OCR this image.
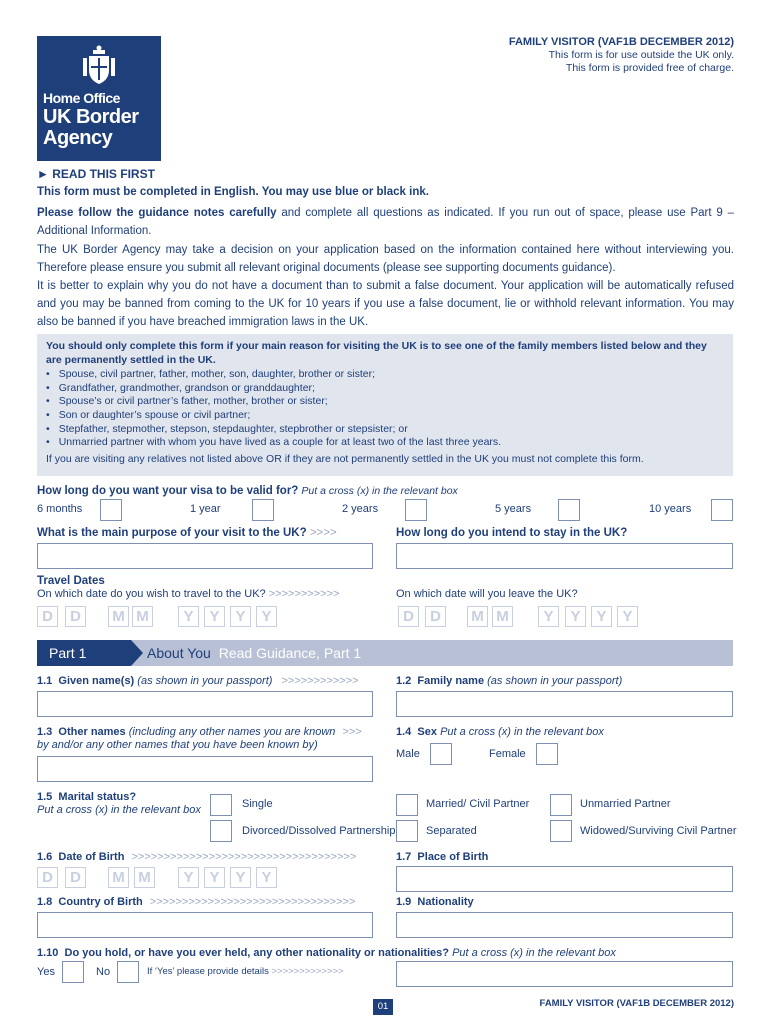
FAMILY VISITOR (VAF1B DECEMBER 2012)
This form is for use outside the UK only.
This form is provided free of charge.
Home Office
UK Border
Agency
► READ THIS FIRST

This form must be completed in English. You may use blue or black ink.

Please follow the guidance notes carefully and complete all questions as indicated. If you run out of space, please use Part 9 – Additional Information.

The UK Border Agency may take a decision on your application based on the information contained here without interviewing you. Therefore please ensure you submit all relevant original documents (please see supporting documents guidance).

It is better to explain why you do not have a document than to submit a false document. Your application will be automatically refused and you may be banned from coming to the UK for 10 years if you use a false document, lie or withhold relevant information. You may also be banned if you have breached immigration laws in the UK.

You should only complete this form if your main reason for visiting the UK is to see one of the family members listed below and they are permanently settled in the UK.
• Spouse, civil partner, father, mother, son, daughter, brother or sister;
• Grandfather, grandmother, grandson or granddaughter;
• Spouse’s or civil partner’s father, mother, brother or sister;
• Son or daughter’s spouse or civil partner;
• Stepfather, stepmother, stepson, stepdaughter, stepbrother or stepsister; or
• Unmarried partner with whom you have lived as a couple for at least two of the last three years.
If you are visiting any relatives not listed above OR if they are not permanently settled in the UK you must not complete this form.
How long do you want your visa to be valid for? Put a cross (x) in the relevant box
6 months	1 year	2 years	5 years	10 years
What is the main purpose of your visit to the UK? >>>>	How long do you intend to stay in the UK?
Travel Dates
On which date do you wish to travel to the UK? >>>>>>>>>>>	On which date will you leave the UK?
D	D	M M	Y	Y	Y	Y	D	D	M M	Y	Y	Y	Y
Part 1	About You Read Guidance, Part 1
1.1 Given name(s) (as shown in your passport) >>>>>>>>>>>>	1.2 Family name (as shown in your passport)
1.3 Other names (including any other names you are known >>>
by and/or any other names that you have been known by)
1.4 Sex Put a cross (x) in the relevant box
Male	Female
1.5 Marital status?
Put a cross (x) in the relevant box	Single	Married/ Civil Partner	Unmarried Partner
Divorced/Dissolved Partnership	Separated	Widowed/Surviving Civil Partner
1.6 Date of Birth >>>>>>>>>>>>>>>>>>>>>>>>>>>>>>>>>>>
D	D	M M	Y	Y	Y	Y
1.7 Place of Birth
1.8 Country of Birth >>>>>>>>>>>>>>>>>>>>>>>>>>>>>>>>	1.9 Nationality
1.10 Do you hold, or have you ever held, any other nationality or nationalities? Put a cross (x) in the relevant box
Yes	No	If ‘Yes’ please provide details >>>>>>>>>>>>>
01	FAMILY VISITOR (VAF1B DECEMBER 2012)
